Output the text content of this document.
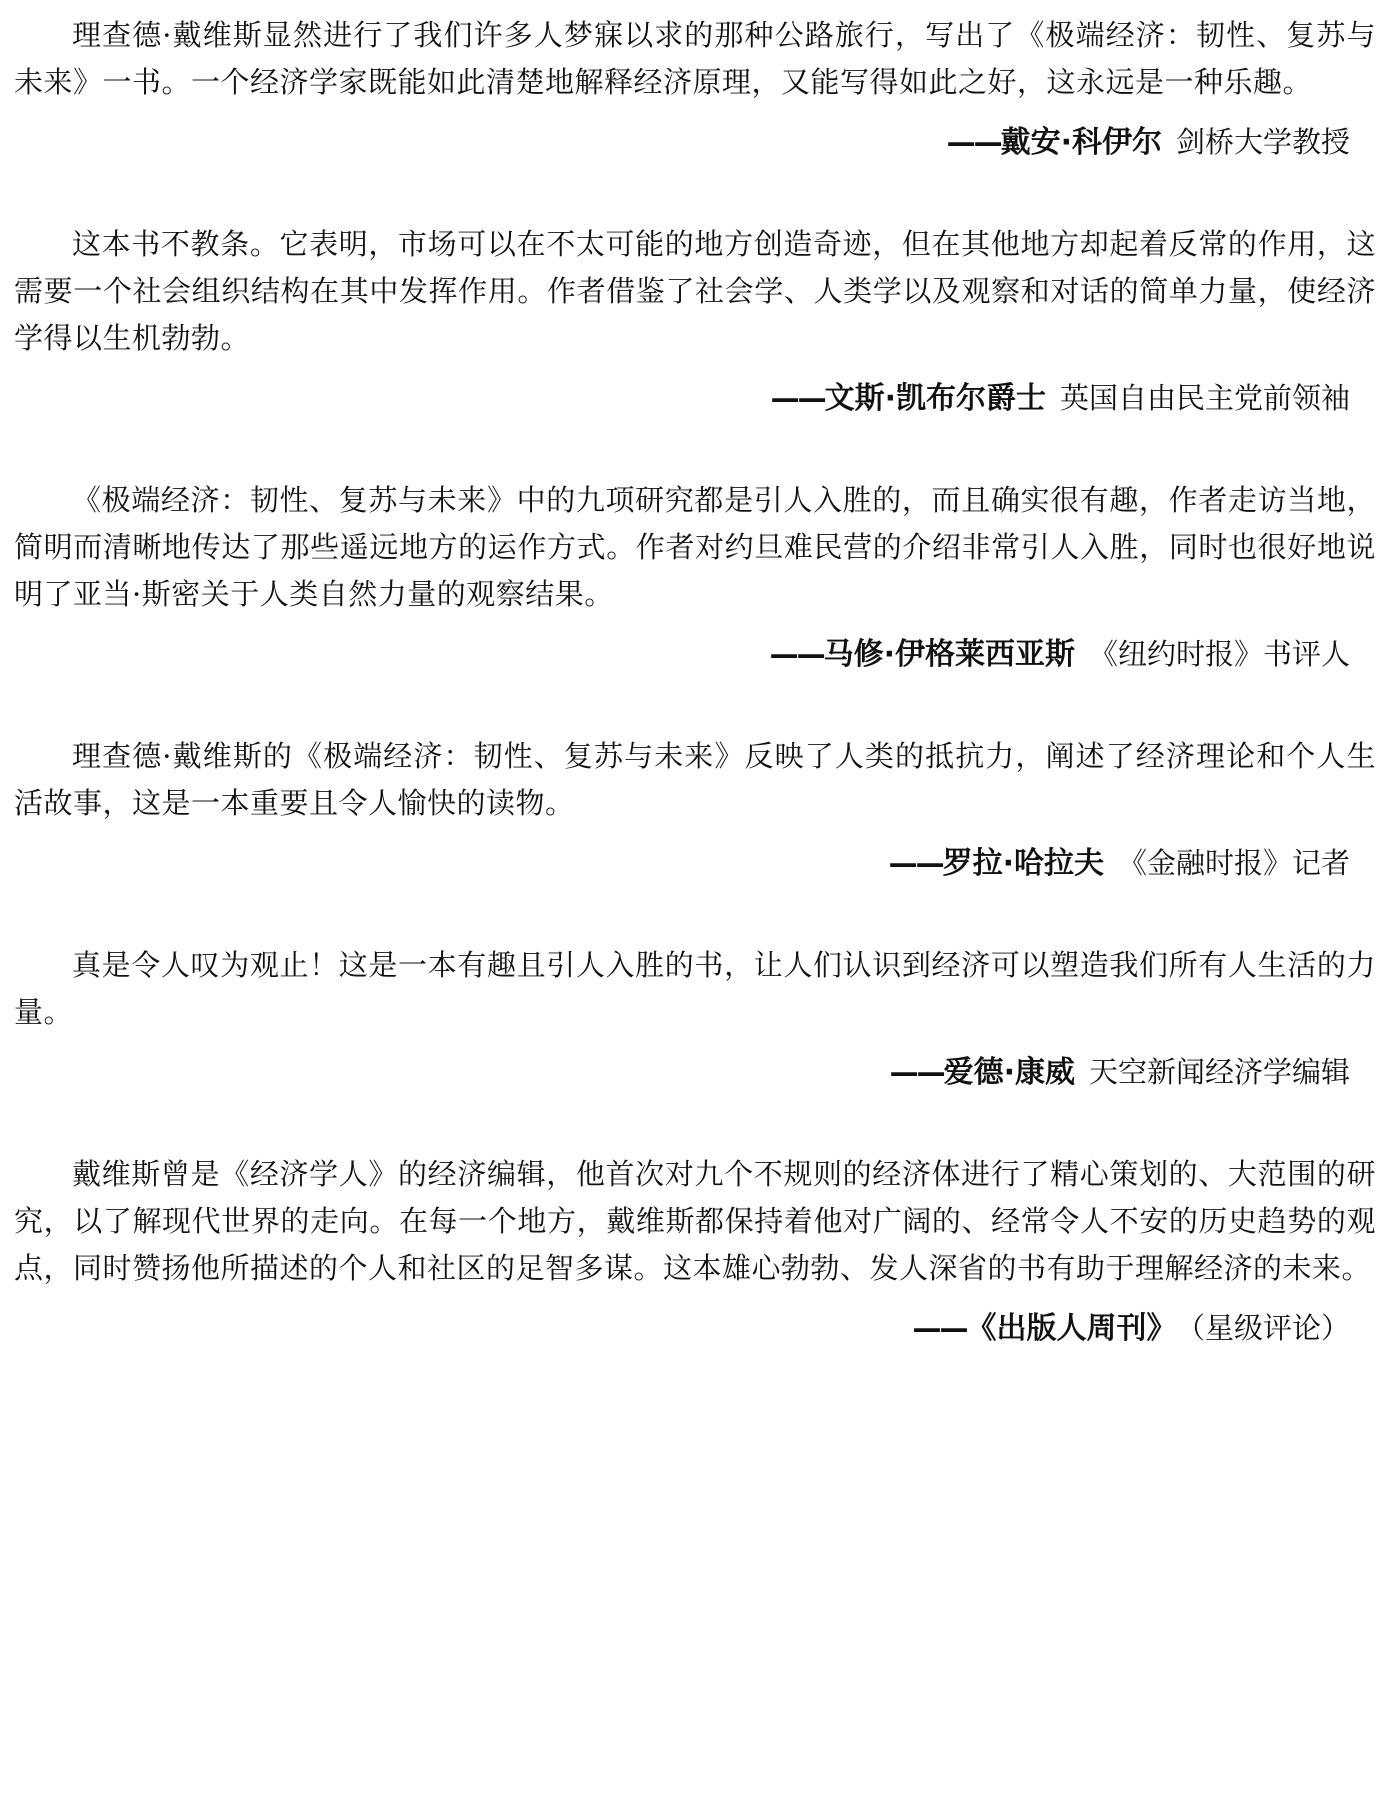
理查德·戴维斯显然进行了我们许多人梦寐以求的那种公路旅行，写出了《极端经济：韧性、复苏与未来》一书。一个经济学家既能如此清楚地解释经济原理，又能写得如此之好，这永远是一种乐趣。

——戴安·科伊尔 剑桥大学教授

这本书不教条。它表明，市场可以在不太可能的地方创造奇迹，但在其他地方却起着反常的作用，这需要一个社会组织结构在其中发挥作用。作者借鉴了社会学、人类学以及观察和对话的简单力量，使经济学得以生机勃勃。

——文斯·凯布尔爵士 英国自由民主党前领袖

《极端经济：韧性、复苏与未来》中的九项研究都是引人入胜的，而且确实很有趣，作者走访当地，简明而清晰地传达了那些遥远地方的运作方式。作者对约旦难民营的介绍非常引人入胜，同时也很好地说明了亚当·斯密关于人类自然力量的观察结果。

——马修·伊格莱西亚斯 《纽约时报》书评人

理查德·戴维斯的《极端经济：韧性、复苏与未来》反映了人类的抵抗力，阐述了经济理论和个人生活故事，这是一本重要且令人愉快的读物。

——罗拉·哈拉夫 《金融时报》记者

真是令人叹为观止！这是一本有趣且引人入胜的书，让人们认识到经济可以塑造我们所有人生活的力量。

——爱德·康威 天空新闻经济学编辑

戴维斯曾是《经济学人》的经济编辑，他首次对九个不规则的经济体进行了精心策划的、大范围的研究，以了解现代世界的走向。在每一个地方，戴维斯都保持着他对广阔的、经常令人不安的历史趋势的观点，同时赞扬他所描述的个人和社区的足智多谋。这本雄心勃勃、发人深省的书有助于理解经济的未来。

——《出版人周刊》 （星级评论）
